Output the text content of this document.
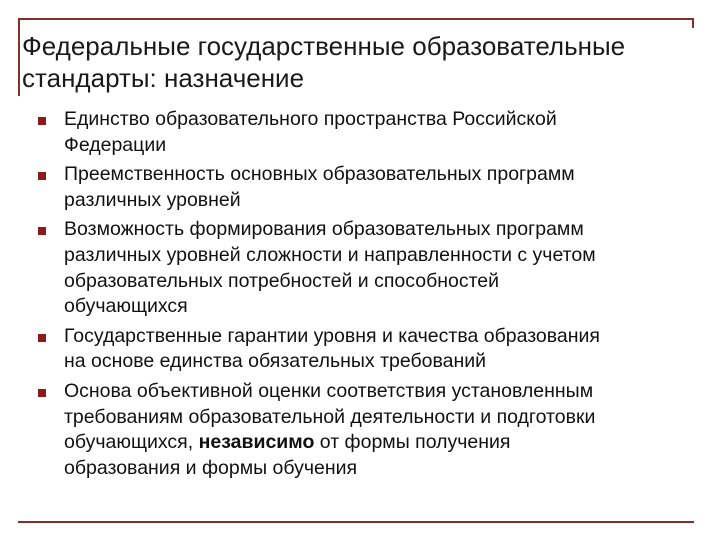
Федеральные государственные образовательные
стандарты: назначение
Единство образовательного пространства Российской
Федерации
Преемственность основных образовательных программ
различных уровней
Возможность формирования образовательных программ
различных уровней сложности и направленности с учетом
образовательных потребностей и способностей
обучающихся
Государственные гарантии уровня и качества образования
на основе единства обязательных требований
Основа объективной оценки соответствия установленным
требованиям образовательной деятельности и подготовки
обучающихся, независимо от формы получения
образования и формы обучения
